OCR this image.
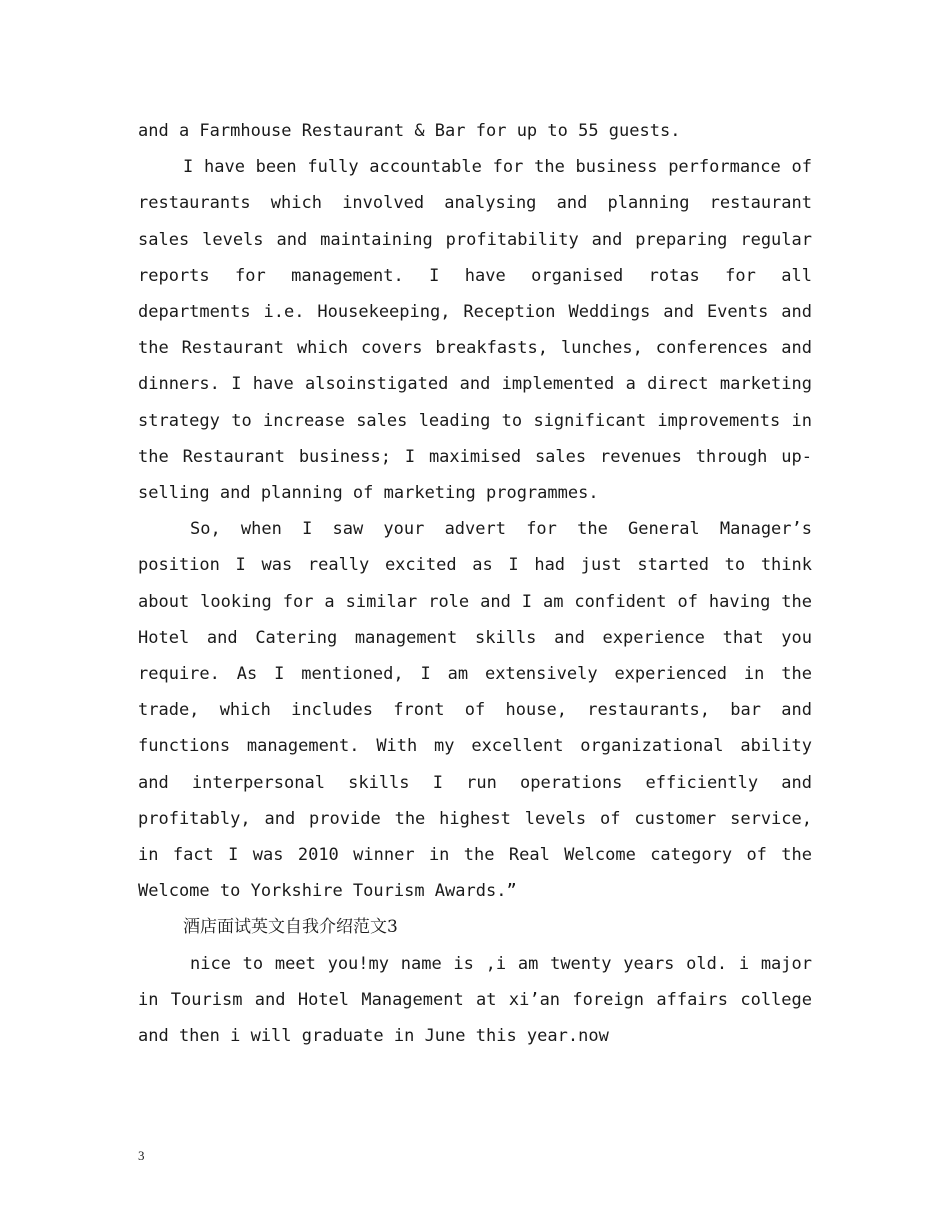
and a Farmhouse Restaurant & Bar for up to 55 guests.

I have been fully accountable for the business performance of restaurants which involved analysing and planning restaurant sales levels and maintaining profitability and preparing regular reports for management. I have organised rotas for all departments i.e. Housekeeping, Reception Weddings and Events and the Restaurant which covers breakfasts, lunches, conferences and dinners. I have alsoinstigated and implemented a direct marketing strategy to increase sales leading to significant improvements in the Restaurant business; I maximised sales revenues through up-selling and planning of marketing programmes.

So, when I saw your advert for the General Manager’s position I was really excited as I had just started to think about looking for a similar role and I am confident of having the Hotel and Catering management skills and experience that you require. As I mentioned, I am extensively experienced in the trade, which includes front of house, restaurants, bar and functions management. With my excellent organizational ability and interpersonal skills I run operations efficiently and profitably, and provide the highest levels of customer service, in fact I was 2010 winner in the Real Welcome category of the Welcome to Yorkshire Tourism Awards.”

酒店面试英文自我介绍范文3

nice to meet you!my name is ,i am twenty years old. i major in Tourism and Hotel Management at xi’an foreign affairs college and then i will graduate in June this year.now

3
